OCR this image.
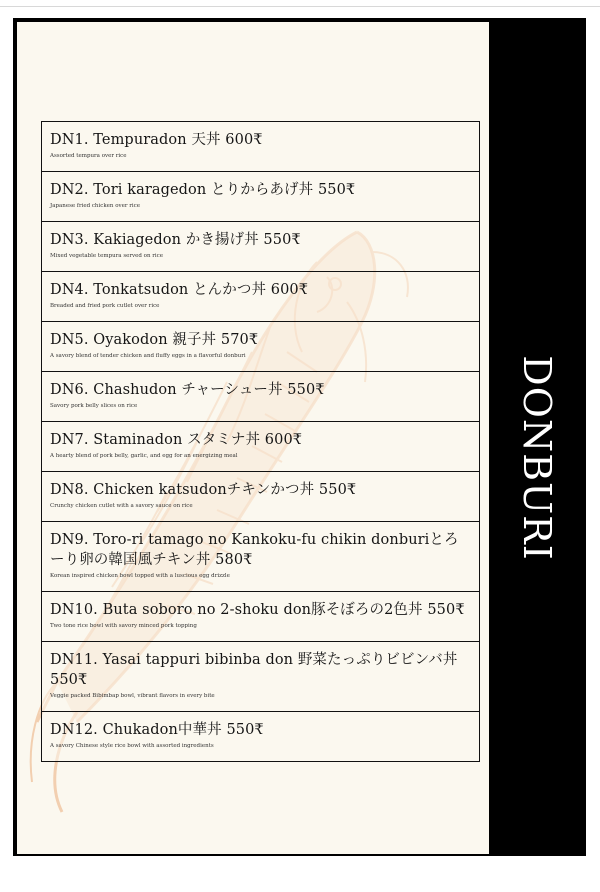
DN1. Tempuradon 天丼 600₹
Assorted tempura over rice
DN2. Tori karagedon とりからあげ丼 550₹
Japanese fried chicken over rice
DN3. Kakiagedon かき揚げ丼 550₹
Mixed vegetable tempura served on rice
DN4. Tonkatsudon とんかつ丼 600₹
Breaded and fried pork cutlet over rice
DN5. Oyakodon 親子丼 570₹
A savory blend of tender chicken and fluffy eggs in a flavorful donburi
DN6. Chashudon チャーシュー丼 550₹
Savory pork belly slices on rice
DN7. Staminadon スタミナ丼 600₹
A hearty blend of pork belly, garlic, and egg for an energizing meal
DN8. Chicken katsudonチキンかつ丼 550₹
Crunchy chicken cutlet with a savory sauce on rice
DN9. Toro-ri tamago no Kankoku-fu chikin donburiとろーり卵の韓国風チキン丼 580₹
Korean inspired chicken bowl topped with a luscious egg drizzle
DN10. Buta soboro no 2-shoku don豚そぼろの2色丼 550₹
Two tone rice bowl with savory minced pork topping
DN11. Yasai tappuri bibinba don 野菜たっぷりビビンバ丼 550₹
Veggie packed Bibimbap bowl, vibrant flavors in every bite
DN12. Chukadon中華丼 550₹
A savory Chinese style rice bowl with assorted ingredients
DONBURI
